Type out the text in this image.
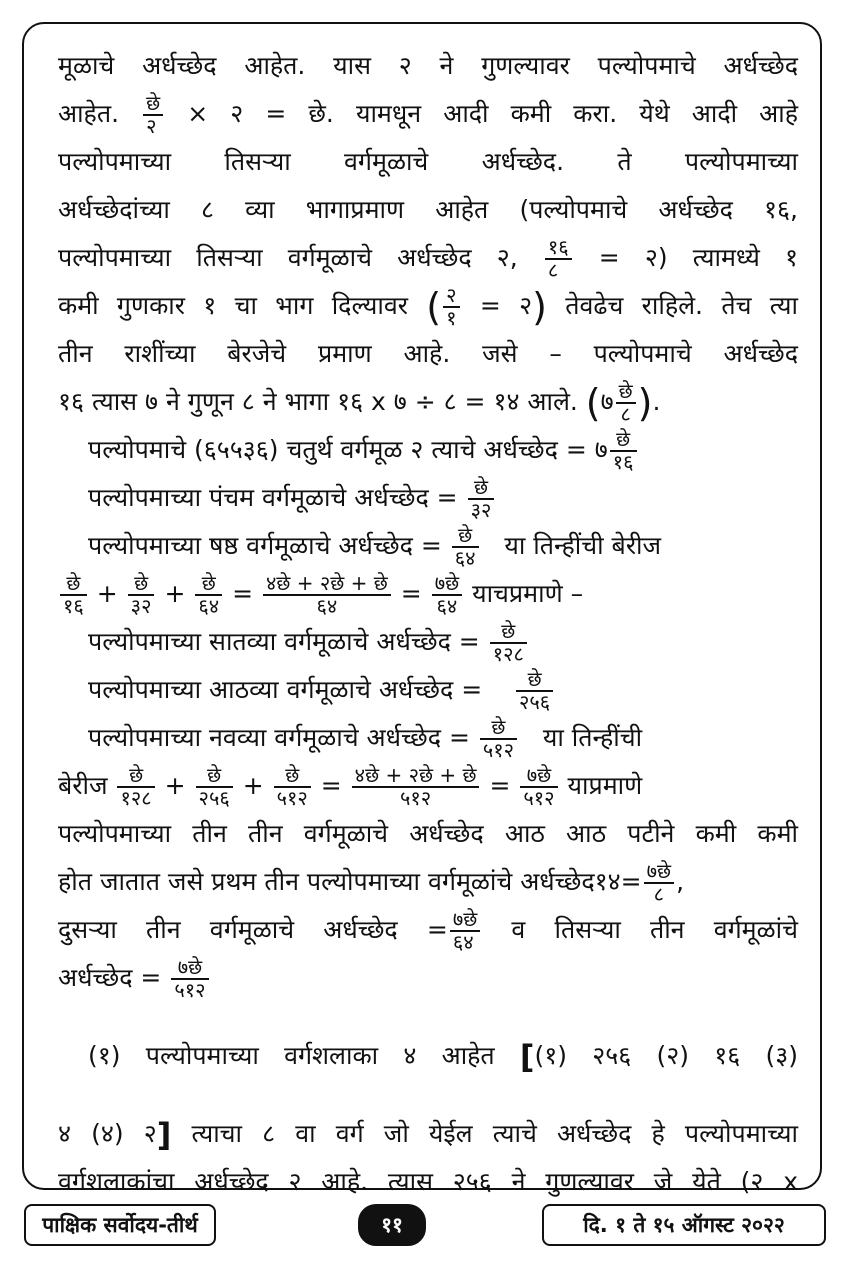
मूळाचे अर्धच्छेद आहेत. यास २ ने गुणल्यावर पल्योपमाचे अर्धच्छेद
आहेत. $\frac{\text{छे}}{२}$ × २ = छे. यामधून आदी कमी करा. येथे आदी आहे
पल्योपमाच्या तिसऱ्या वर्गमूळाचे अर्धच्छेद. ते पल्योपमाच्या
अर्धच्छेदांच्या ८ व्या भागाप्रमाण आहेत (पल्योपमाचे अर्धच्छेद १६,
पल्योपमाच्या तिसऱ्या वर्गमूळाचे अर्धच्छेद २, $\frac{१६}{८}$ = २) त्यामध्ये १
कमी गुणकार १ चा भाग दिल्यावर ( $\frac{२}{१}$ = २) तेवढेच राहिले. तेच त्या
तीन राशींच्या बेरजेचे प्रमाण आहे. जसे – पल्योपमाचे अर्धच्छेद
१६ त्यास ७ ने गुणून ८ ने भागा १६ x ७ ÷ ८ = १४ आले. (७ $\frac{\text{छे}}{८}$ ).
पल्योपमाचे (६५५३६) चतुर्थ वर्गमूळ २ त्याचे अर्धच्छेद = ७ $\frac{\text{छे}}{१६}$
पल्योपमाच्या पंचम वर्गमूळाचे अर्धच्छेद = $\frac{\text{छे}}{३२}$
पल्योपमाच्या षष्ठ वर्गमूळाचे अर्धच्छेद = $\frac{\text{छे}}{६४}$ या तिन्हींची बेरीज
$\frac{\text{छे}}{१६} + \frac{\text{छे}}{३२} + \frac{\text{छे}}{६४} = \frac{\text{४छे + २छे + छे}}{६४} = \frac{\text{७छे}}{६४}$ याचप्रमाणे –
पल्योपमाच्या सातव्या वर्गमूळाचे अर्धच्छेद = $\frac{\text{छे}}{१२८}$
पल्योपमाच्या आठव्या वर्गमूळाचे अर्धच्छेद = $\frac{\text{छे}}{२५६}$
पल्योपमाच्या नवव्या वर्गमूळाचे अर्धच्छेद = $\frac{\text{छे}}{५१२}$ या तिन्हींची
बेरीज $\frac{\text{छे}}{१२८} + \frac{\text{छे}}{२५६} + \frac{\text{छे}}{५१२} = \frac{\text{४छे + २छे + छे}}{५१२} = \frac{\text{७छे}}{५१२}$ याप्रमाणे
पल्योपमाच्या तीन तीन वर्गमूळाचे अर्धच्छेद आठ आठ पटीने कमी कमी
होत जातात जसे प्रथम तीन पल्योपमाच्या वर्गमूळांचे अर्धच्छेद१४= $\frac{\text{७छे}}{८}$ ,
दुसऱ्या तीन वर्गमूळाचे अर्धच्छेद = $\frac{\text{७छे}}{६४}$ व तिसऱ्या तीन वर्गमूळांचे
अर्धच्छेद = $\frac{\text{७छे}}{५१२}$
(१) पल्योपमाच्या वर्गशलाका ४ आहेत [(१) २५६ (२) १६ (३)
४ (४) २] त्याचा ८ वा वर्ग जो येईल त्याचे अर्धच्छेद हे पल्योपमाच्या
वर्गशलाकांचा अर्धच्छेद २ आहे. त्यास २५६ ने गुणल्यावर जे येते (२ x
पाक्षिक सर्वोदय-तीर्थ	११	दि. १ ते १५ ऑगस्ट २०२२
